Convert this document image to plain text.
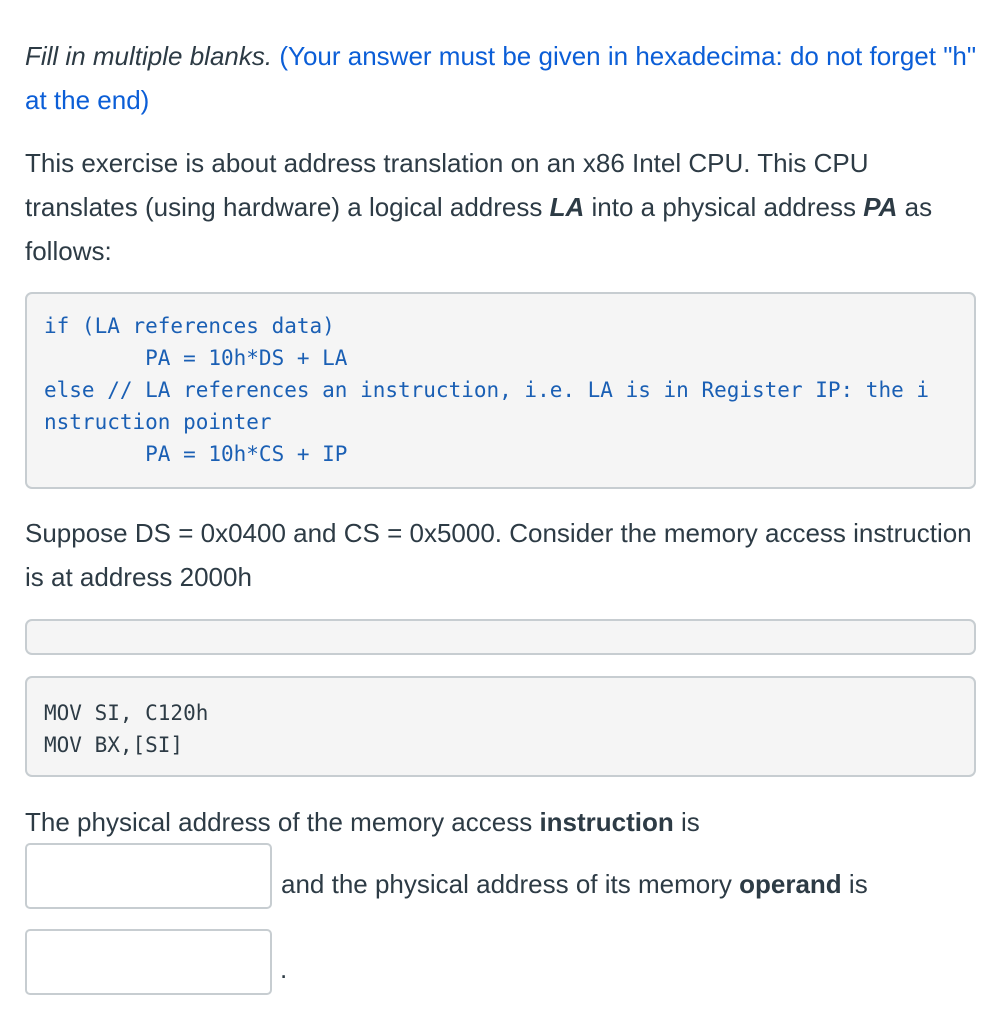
Fill in multiple blanks. (Your answer must be given in hexadecima: do not forget "h" at the end)
This exercise is about address translation on an x86 Intel CPU. This CPU translates (using hardware) a logical address LA into a physical address PA as follows:
if (LA references data)
PA = 10h*DS + LA
else // LA references an instruction, i.e. LA is in Register IP: the i
nstruction pointer
PA = 10h*CS + IP
Suppose DS = 0x0400 and CS = 0x5000. Consider the memory access instruction is at address 2000h
MOV SI, C120h
MOV BX,[SI]
The physical address of the memory access instruction is
and the physical address of its memory operand is
.
